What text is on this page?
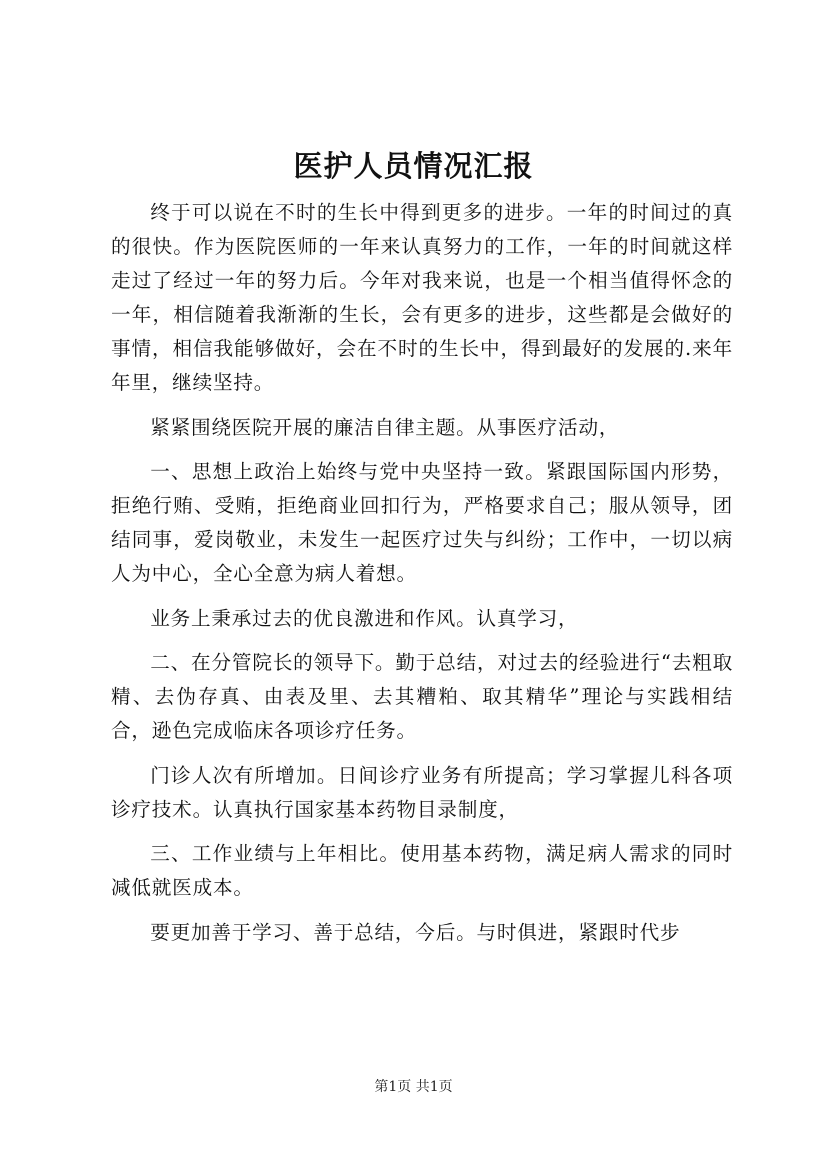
医护人员情况汇报

终于可以说在不时的生长中得到更多的进步。一年的时间过的真的很快。作为医院医师的一年来认真努力的工作，一年的时间就这样走过了经过一年的努力后。今年对我来说，也是一个相当值得怀念的一年，相信随着我渐渐的生长，会有更多的进步，这些都是会做好的事情，相信我能够做好，会在不时的生长中，得到最好的发展的.来年年里，继续坚持。

紧紧围绕医院开展的廉洁自律主题。从事医疗活动，

一、思想上政治上始终与党中央坚持一致。紧跟国际国内形势，拒绝行贿、受贿，拒绝商业回扣行为，严格要求自己；服从领导，团结同事，爱岗敬业，未发生一起医疗过失与纠纷；工作中，一切以病人为中心，全心全意为病人着想。

业务上秉承过去的优良激进和作风。认真学习，

二、在分管院长的领导下。勤于总结，对过去的经验进行“去粗取精、去伪存真、由表及里、去其糟粕、取其精华”理论与实践相结合，逊色完成临床各项诊疗任务。

门诊人次有所增加。日间诊疗业务有所提高；学习掌握儿科各项诊疗技术。认真执行国家基本药物目录制度，

三、工作业绩与上年相比。使用基本药物，满足病人需求的同时减低就医成本。

要更加善于学习、善于总结，今后。与时俱进，紧跟时代步

第1页 共1页
